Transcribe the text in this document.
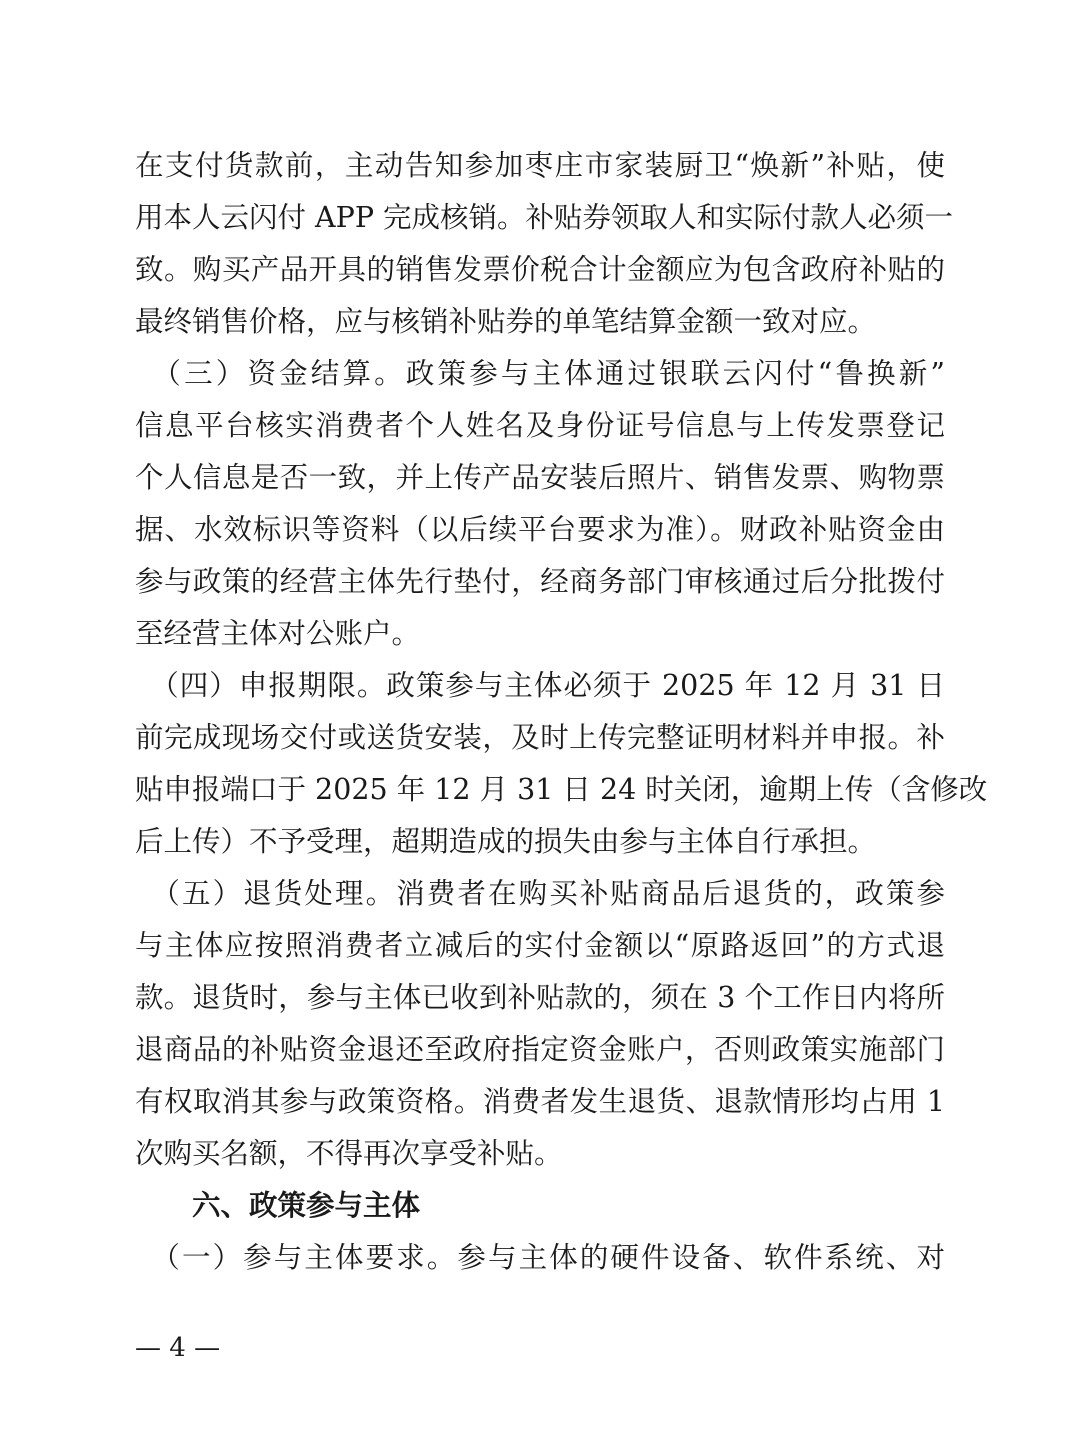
在支付货款前，主动告知参加枣庄市家装厨卫“焕新”补贴，使
用本人云闪付 APP 完成核销。补贴券领取人和实际付款人必须一
致。购买产品开具的销售发票价税合计金额应为包含政府补贴的
最终销售价格，应与核销补贴券的单笔结算金额一致对应。
　（三）资金结算。政策参与主体通过银联云闪付“鲁换新”
信息平台核实消费者个人姓名及身份证号信息与上传发票登记
个人信息是否一致，并上传产品安装后照片、销售发票、购物票
据、水效标识等资料（以后续平台要求为准）。财政补贴资金由
参与政策的经营主体先行垫付，经商务部门审核通过后分批拨付
至经营主体对公账户。
　（四）申报期限。政策参与主体必须于 2025 年 12 月 31 日
前完成现场交付或送货安装，及时上传完整证明材料并申报。补
贴申报端口于 2025 年 12 月 31 日 24 时关闭，逾期上传（含修改
后上传）不予受理，超期造成的损失由参与主体自行承担。
　（五）退货处理。消费者在购买补贴商品后退货的，政策参
与主体应按照消费者立减后的实付金额以“原路返回”的方式退
款。退货时，参与主体已收到补贴款的，须在 3 个工作日内将所
退商品的补贴资金退还至政府指定资金账户，否则政策实施部门
有权取消其参与政策资格。消费者发生退货、退款情形均占用 1
次购买名额，不得再次享受补贴。
六、政策参与主体
　（一）参与主体要求。参与主体的硬件设备、软件系统、对
— 4 —
